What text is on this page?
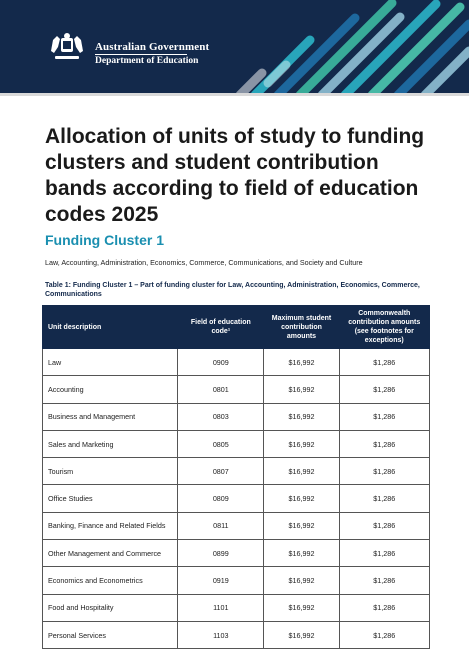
Australian Government
Department of Education
Allocation of units of study to funding
clusters and student contribution
bands according to field of education
codes 2025
Funding Cluster 1

Law, Accounting, Administration, Economics, Commerce, Communications, and Society and Culture

Table 1: Funding Cluster 1 – Part of funding cluster for Law, Accounting, Administration, Economics, Commerce, Communications

Unit description	Field of education code¹	Maximum student contribution amounts	Commonwealth contribution amounts (see footnotes for exceptions)
Law	0909	$16,992	$1,286
Accounting	0801	$16,992	$1,286
Business and Management	0803	$16,992	$1,286
Sales and Marketing	0805	$16,992	$1,286
Tourism	0807	$16,992	$1,286
Office Studies	0809	$16,992	$1,286
Banking, Finance and Related Fields	0811	$16,992	$1,286
Other Management and Commerce	0899	$16,992	$1,286
Economics and Econometrics	0919	$16,992	$1,286
Food and Hospitality	1101	$16,992	$1,286
Personal Services	1103	$16,992	$1,286
